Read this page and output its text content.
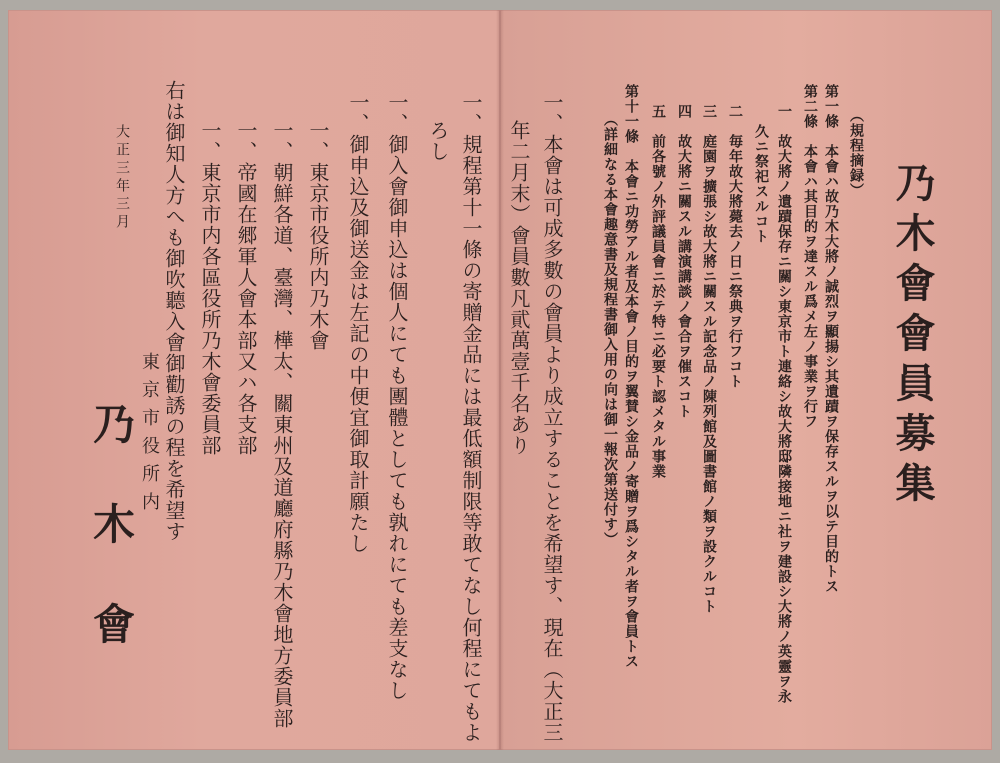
乃木會會員募集
（規程摘録）
第一條　本會ハ故乃木大將ノ誠烈ヲ顯揚シ其遺蹟ヲ保存スルヲ以テ目的トス
第二條　本會ハ其目的ヲ達スル爲メ左ノ事業ヲ行フ
一　故大將ノ遺蹟保存ニ關シ東京市ト連絡シ故大將邸隣接地ニ社ヲ建設シ大將ノ英靈ヲ永
久ニ祭祀スルコト
二　毎年故大將薨去ノ日ニ祭典ヲ行フコト
三　庭園ヲ擴張シ故大將ニ關スル記念品ノ陳列館及圖書館ノ類ヲ設クルコト
四　故大將ニ關スル講演講談ノ會合ヲ催スコト
五　前各號ノ外評議員會ニ於テ特ニ必要ト認メタル事業
第十一條　本會ニ功勞アル者及本會ノ目的ヲ翼賛シ金品ノ寄贈ヲ爲シタル者ヲ會員トス
（詳細なる本會趣意書及規程書御入用の向は御一報次第送付す）
一、本會は可成多數の會員より成立することを希望す、現在（大正三
年二月末）會員數凡貮萬壹千名あり
一、規程第十一條の寄贈金品には最低額制限等敢てなし何程にてもよ
ろし
一、御入會御申込は個人にても團體としても孰れにても差支なし
一、御申込及御送金は左記の中便宜御取計願たし
一、東京市役所内乃木會
一、朝鮮各道、臺灣、樺太、關東州及道廳府縣乃木會地方委員部
一、帝國在郷軍人會本部又ハ各支部
一、東京市内各區役所乃木會委員部
右は御知人方へも御吹聽入會御勸誘の程を希望す
大正三年三月
東京市役所内
乃木會
